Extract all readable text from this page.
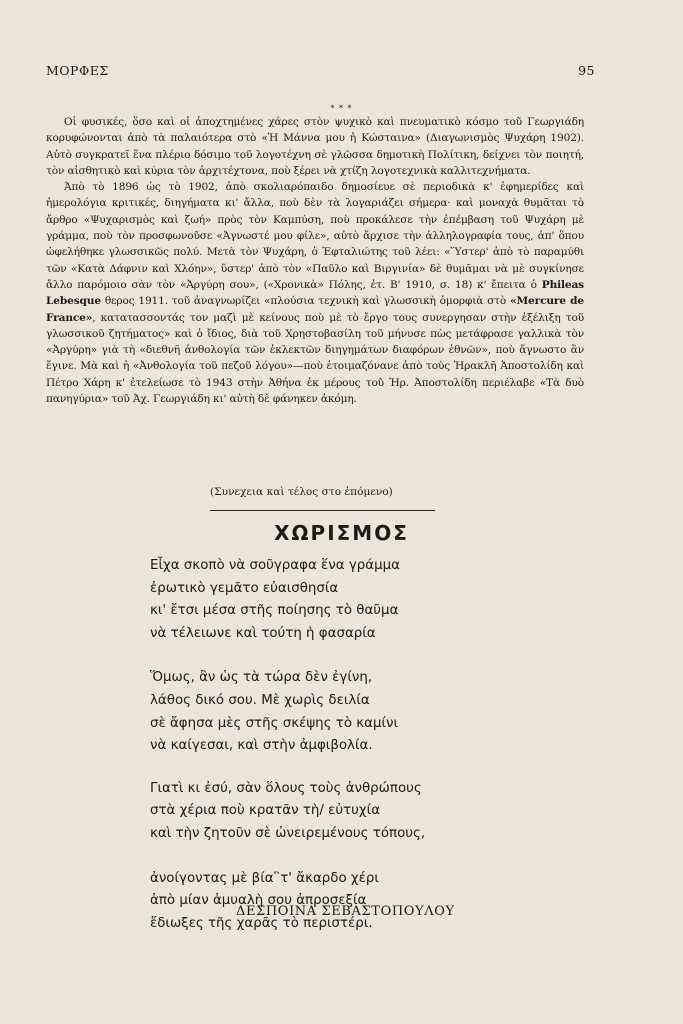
ΜΟΡΦΕΣ	95
* * *

Οἱ φυσικές, ὅσο καὶ οἱ ἀποχτημένες χάρες στὸν ψυχικὸ καὶ πνευματικὸ κόσμο τοῦ Γεωργιάδη κορυφώνονται ἀπὸ τὰ παλαιότερα στὸ «Ἡ Μάννα μου ἡ Κώσταινα» (Διαγωνισμὸς Ψυχάρη 1902). Αὐτὸ συγκρατεῖ ἕνα πλέριο δόσιμο τοῦ λογοτέχνη σὲ γλῶσσα δημοτικὴ Πολίτικη, δείχνει τὸν ποιητή, τὸν αἰσθητικὸ καὶ κύρια τὸν ἀρχιτέχτονα, ποὺ ξέρει νὰ χτίζη λογοτεχνικὰ καλλιτεχνήματα.

Ἀπὸ τὸ 1896 ὡς τὸ 1902, ἀπὸ σκολιαρόπαιδο δημοσίευε σὲ περιοδικὰ κ' ἐφημερίδες καὶ ἡμερολόγια κριτικές, διηγήματα κι' ἄλλα, ποὺ δὲν τὰ λογαριάζει σήμερα· καὶ μοναχὰ θυμᾶται τὸ ἄρθρο «Ψυχαρισμὸς καὶ ζωή» πρὸς τὸν Καμπύση, ποὺ προκάλεσε τὴν ἐπέμβαση τοῦ Ψυχάρη μὲ γράμμα, ποὺ τὸν προσφωνοῦσε «Ἀγνωστέ μου φίλε», αὐτὸ ἄρχισε τὴν ἀλληλογραφία τους, ἀπ' ὅπου ὠφελήθηκε γλωσσικῶς πολύ. Μετὰ τὸν Ψυχάρη, ὁ Ἐφταλιώτης τοῦ λέει: «Ὕστερ' ἀπὸ τὸ παραμύθι τῶν «Κατὰ Δάφνιν καὶ Χλόην», ὕστερ' ἀπὸ τὸν «Παῦλο καὶ Βιργινία» δὲ θυμᾶμαι νὰ μὲ συγκίνησε ἄλλο παρόμοιο σὰν τὸν «Ἀργύρη σου», («Χρονικὰ» Πόλης, ἐτ. Β' 1910, σ. 18) κ' ἔπειτα ὁ Phileas Lebesque θερος 1911. τοῦ ἀναγνωρίζει «πλούσια τεχνικὴ καὶ γλωσσικὴ ὁμορφιὰ στὸ «Mercure de France», κατατασσοντάς τον μαζὶ μὲ κείνους ποὺ μὲ τὸ ἔργο τους συνεργησαν στὴν ἐξέλιξη τοῦ γλωσσικοῦ ζητήματος» καὶ ὁ ἴδιος, διὰ τοῦ Χρηστοβασίλη τοῦ μήνυσε πὼς μετάφρασε γαλλικὰ τὸν «Ἀργύρη» γιὰ τὴ «διεθνῆ ἀνθολογία τῶν ἐκλεκτῶν διηγημάτων διαφόρων ἐθνῶν», ποὺ ἄγνωστο ἂν ἔγινε. Μὰ καὶ ἡ «Ἀνθολογία τοῦ πεζοῦ λόγου»—ποὺ ἑτοιμαζόνανε ἀπὸ τοὺς Ἡρακλῆ Ἀποστολίδη καὶ Πέτρο Χάρη κ' ἐτελείωσε τὸ 1943 στὴν Ἀθήνα ἐκ μέρους τοῦ Ἡρ. Ἀποστολίδη περιέλαβε «Τὰ δυὸ πανηγύρια» τοῦ Ἀχ. Γεωργιάδη κι' αὐτὴ δὲ φάνηκεν ἀκόμη.

(Συνεχεια καὶ τέλος στο ἐπόμενο)
ΧΩΡΙΣΜΟΣ
Εἶχα σκοπὸ νὰ σοῦγραφα ἕνα γράμμα
ἐρωτικὸ γεμᾶτο εὐαισθησία
κι' ἔτσι μέσα στῆς ποίησης τὸ θαῦμα
νὰ τέλειωνε καὶ τούτη ἡ φασαρία
Ὅμως, ἂν ὡς τὰ τώρα δὲν ἐγίνη,
λάθος δικό σου. Μὲ χωρὶς δειλία
σὲ ἄφησα μὲς στῆς σκέψης τὸ καμίνι
νὰ καίγεσαι, καὶ στὴν ἀμφιβολία.
Γιατὶ κι ἐσύ, σὰν ὅλους τοὺς ἀνθρώπους
στὰ χέρια ποὺ κρατᾶν τὴ/ εὐτυχία
καὶ τὴν ζητοῦν σὲ ὠνειρεμένους τόπους,
ἀνοίγοντας μὲ βία῝τ' ἄκαρδο χέρι
ἀπὸ μίαν ἀμυαλὴ σου ἀπροσεξία
ἔδιωξες τῆς χαρᾶς τὸ περιστέρι.
ΔΕΣΠΟΙΝΑ ΣΕΒΑΣΤΟΠΟΥΛΟΥ
